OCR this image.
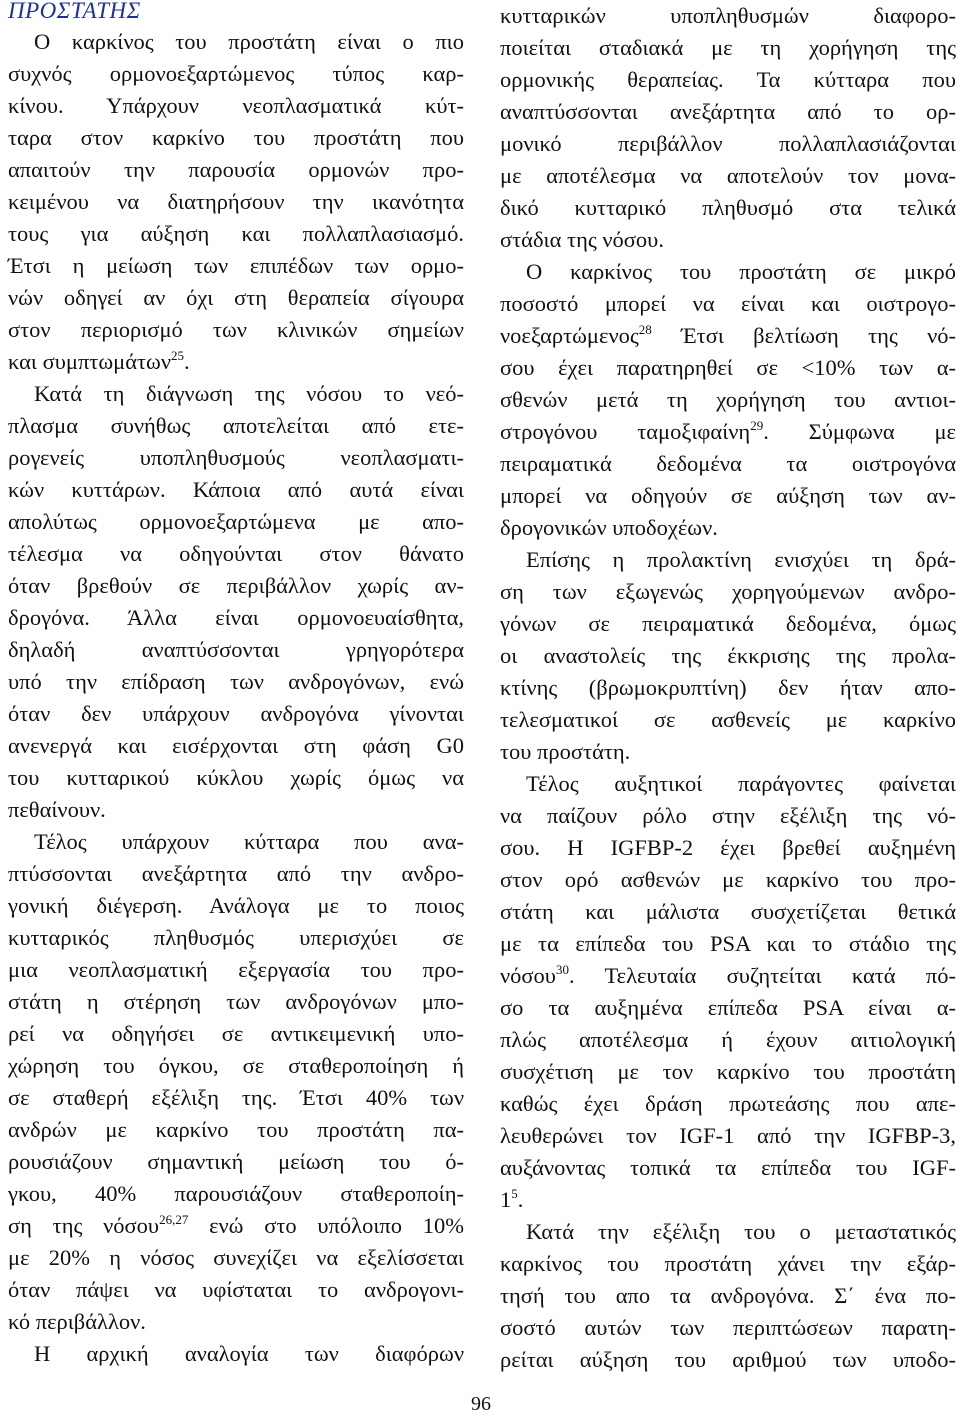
ΠΡΟΣΤΑΤΗΣ
Ο καρκίνος του προστάτη είναι ο πιο
συχνός ορμονοεξαρτώμενος τύπος καρ-
κίνου. Υπάρχουν νεοπλασματικά κύτ-
ταρα στον καρκίνο του προστάτη που
απαιτούν την παρουσία ορμονών προ-
κειμένου να διατηρήσουν την ικανότητα
τους για αύξηση και πολλαπλασιασμό.
Έτσι η μείωση των επιπέδων των ορμο-
νών οδηγεί αν όχι στη θεραπεία σίγουρα
στον περιορισμό των κλινικών σημείων
και συμπτωμάτων$^{25}$.
Κατά τη διάγνωση της νόσου το νεό-
πλασμα συνήθως αποτελείται από ετε-
ρογενείς υποπληθυσμούς νεοπλασματι-
κών κυττάρων. Κάποια από αυτά είναι
απολύτως ορμονοεξαρτώμενα με απο-
τέλεσμα να οδηγούνται στον θάνατο
όταν βρεθούν σε περιβάλλον χωρίς αν-
δρογόνα. Άλλα είναι ορμονοευαίσθητα,
δηλαδή αναπτύσσονται γρηγορότερα
υπό την επίδραση των ανδρογόνων, ενώ
όταν δεν υπάρχουν ανδρογόνα γίνονται
ανενεργά και εισέρχονται στη φάση G0
του κυτταρικού κύκλου χωρίς όμως να
πεθαίνουν.
Τέλος υπάρχουν κύτταρα που ανα-
πτύσσονται ανεξάρτητα από την ανδρο-
γονική διέγερση. Ανάλογα με το ποιος
κυτταρικός πληθυσμός υπερισχύει σε
μια νεοπλασματική εξεργασία του προ-
στάτη η στέρηση των ανδρογόνων μπο-
ρεί να οδηγήσει σε αντικειμενική υπο-
χώρηση του όγκου, σε σταθεροποίηση ή
σε σταθερή εξέλιξη της. Έτσι 40% των
ανδρών με καρκίνο του προστάτη πα-
ρουσιάζουν σημαντική μείωση του ό-
γκου, 40% παρουσιάζουν σταθεροποίη-
ση της νόσου$^{26,27}$ ενώ στο υπόλοιπο 10%
με 20% η νόσος συνεχίζει να εξελίσσεται
όταν πάψει να υφίσταται το ανδρογονι-
κό περιβάλλον.
Η αρχική αναλογία των διαφόρων
κυτταρικών υποπληθυσμών διαφορο-
ποιείται σταδιακά με τη χορήγηση της
ορμονικής θεραπείας. Τα κύτταρα που
αναπτύσσονται ανεξάρτητα από το ορ-
μονικό περιβάλλον πολλαπλασιάζονται
με αποτέλεσμα να αποτελούν τον μονα-
δικό κυτταρικό πληθυσμό στα τελικά
στάδια της νόσου.
Ο καρκίνος του προστάτη σε μικρό
ποσοστό μπορεί να είναι και οιστρογο-
νοεξαρτώμενος$^{28}$ Έτσι βελτίωση της νό-
σου έχει παρατηρηθεί σε <10% των α-
σθενών μετά τη χορήγηση του αντιοι-
στρογόνου ταμοξιφαίνη$^{29}$. Σύμφωνα με
πειραματικά δεδομένα τα οιστρογόνα
μπορεί να οδηγούν σε αύξηση των αν-
δρογονικών υποδοχέων.
Επίσης η προλακτίνη ενισχύει τη δρά-
ση των εξωγενώς χορηγούμενων ανδρο-
γόνων σε πειραματικά δεδομένα, όμως
οι αναστολείς της έκκρισης της προλα-
κτίνης (βρωμοκρυπτίνη) δεν ήταν απο-
τελεσματικοί σε ασθενείς με καρκίνο
του προστάτη.
Τέλος αυξητικοί παράγοντες φαίνεται
να παίζουν ρόλο στην εξέλιξη της νό-
σου. Η IGFBP-2 έχει βρεθεί αυξημένη
στον ορό ασθενών με καρκίνο του προ-
στάτη και μάλιστα συσχετίζεται θετικά
με τα επίπεδα του PSA και το στάδιο της
νόσου$^{30}$. Τελευταία συζητείται κατά πό-
σο τα αυξημένα επίπεδα PSA είναι α-
πλώς αποτέλεσμα ή έχουν αιτιολογική
συσχέτιση με τον καρκίνο του προστάτη
καθώς έχει δράση πρωτεάσης που απε-
λευθερώνει τον IGF-1 από την IGFBP-3,
αυξάνοντας τοπικά τα επίπεδα του IGF-
$1^5$.
Κατά την εξέλιξη του ο μεταστατικός
καρκίνος του προστάτη χάνει την εξάρ-
τησή του απο τα ανδρογόνα. Σ΄ ένα πο-
σοστό αυτών των περιπτώσεων παρατη-
ρείται αύξηση του αριθμού των υποδο-
96
